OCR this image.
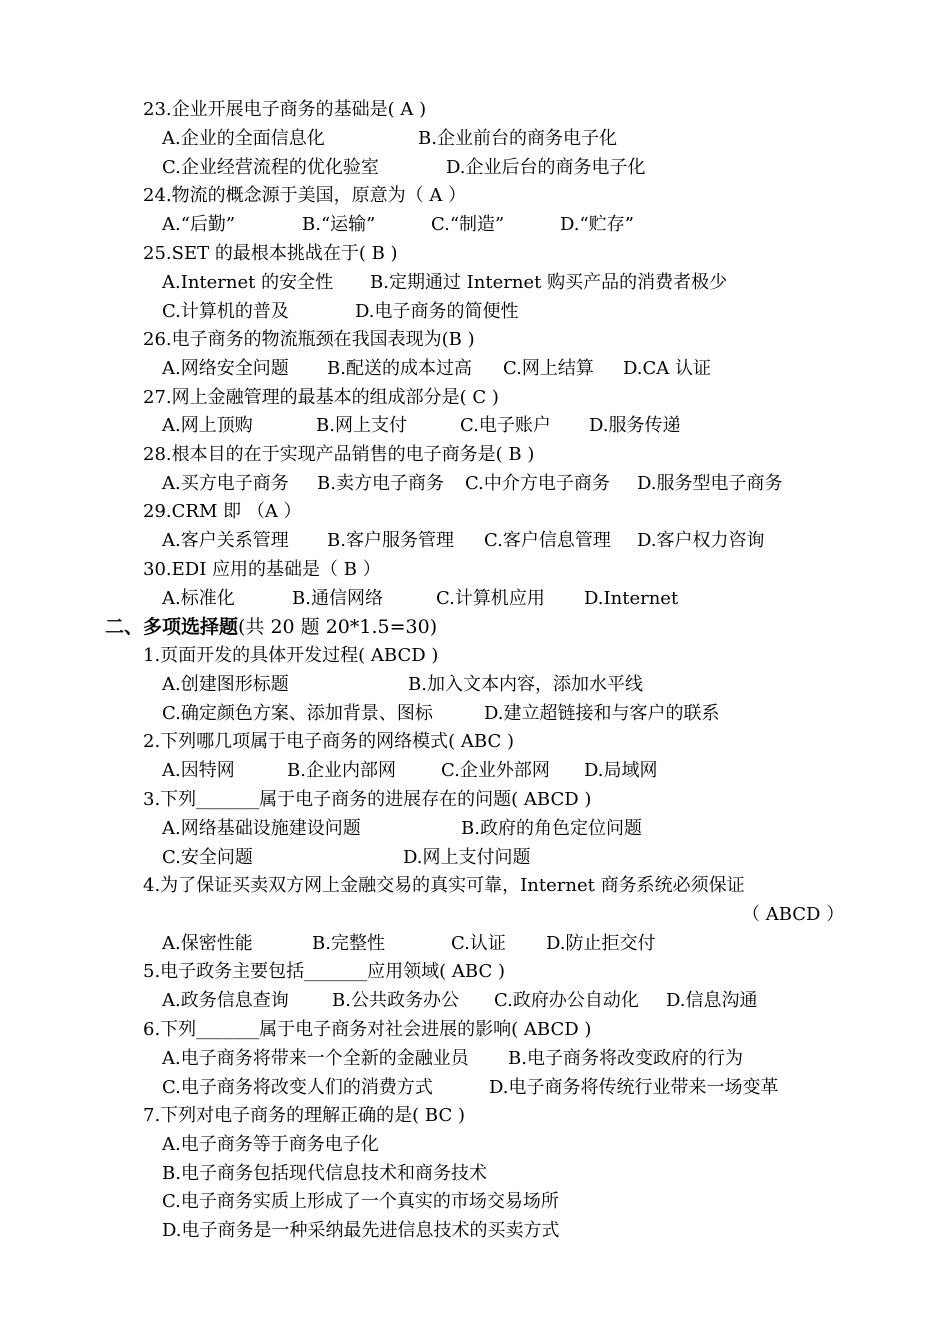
23.企业开展电子商务的基础是( A )
A.企业的全面信息化	B.企业前台的商务电子化
C.企业经营流程的优化验室	D.企业后台的商务电子化
24.物流的概念源于美国，原意为（ A ）
A.“后勤”	B.“运输”	C.“制造”	D.“贮存”
25.SET 的最根本挑战在于( B )
A.Internet 的安全性 B.定期通过 Internet 购买产品的消费者极少
C.计算机的普及	D.电子商务的简便性
26.电子商务的物流瓶颈在我国表现为(B )
A.网络安全问题 B.配送的成本过高 C.网上结算 D.CA 认证
27.网上金融管理的最基本的组成部分是( C )
A.网上顶购	B.网上支付	C.电子账户 D.服务传递
28.根本目的在于实现产品销售的电子商务是( B )
A.买方电子商务 B.卖方电子商务 C.中介方电子商务 D.服务型电子商务
29.CRM 即 （A ）
A.客户关系管理 B.客户服务管理 C.客户信息管理 D.客户权力咨询
30.EDI 应用的基础是（ B ）
A.标准化	B.通信网络	C.计算机应用 D.Internet
二、多项选择题(共 20 题 20*1.5=30)
1.页面开发的具体开发过程( ABCD )
A.创建图形标题	B.加入文本内容，添加水平线
C.确定颜色方案、添加背景、图标	D.建立超链接和与客户的联系
2.下列哪几项属于电子商务的网络模式( ABC )
A.因特网	B.企业内部网	C.企业外部网 D.局域网
3.下列_______属于电子商务的进展存在的问题( ABCD )
A.网络基础设施建设问题	B.政府的角色定位问题
C.安全问题	D.网上支付问题
4.为了保证买卖双方网上金融交易的真实可靠，Internet 商务系统必须保证
（ ABCD ）
A.保密性能	B.完整性	C.认证 D.防止拒交付
5.电子政务主要包括_______应用领域( ABC )
A.政务信息查询 B.公共政务办公 C.政府办公自动化 D.信息沟通
6.下列_______属于电子商务对社会进展的影响( ABCD )
A.电子商务将带来一个全新的金融业员 B.电子商务将改变政府的行为
C.电子商务将改变人们的消费方式	D.电子商务将传统行业带来一场变革
7.下列对电子商务的理解正确的是( BC )
A.电子商务等于商务电子化
B.电子商务包括现代信息技术和商务技术
C.电子商务实质上形成了一个真实的市场交易场所
D.电子商务是一种采纳最先进信息技术的买卖方式
